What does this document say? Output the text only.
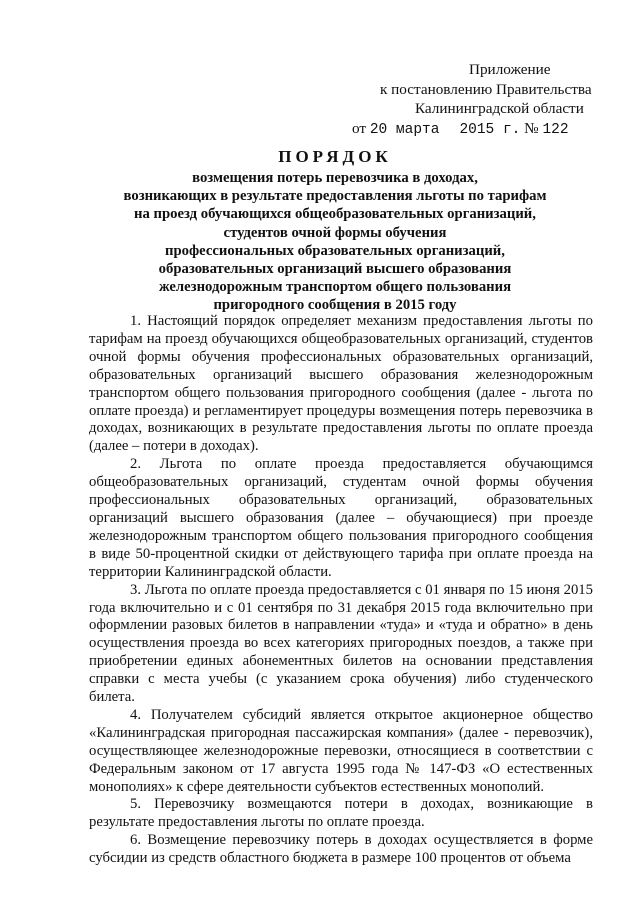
Приложение
к постановлению Правительства
Калининградской области
от 20 марта 2015 г. № 122
ПОРЯДОК
возмещения потерь перевозчика в доходах,
возникающих в результате предоставления льготы по тарифам
на проезд обучающихся общеобразовательных организаций,
студентов очной формы обучения
профессиональных образовательных организаций,
образовательных организаций высшего образования
железнодорожным транспортом общего пользования
пригородного сообщения в 2015 году

1. Настоящий порядок определяет механизм предоставления льготы по тарифам на проезд обучающихся общеобразовательных организаций, студентов очной формы обучения профессиональных образовательных организаций, образовательных организаций высшего образования железнодорожным транспортом общего пользования пригородного сообщения (далее - льгота по оплате проезда) и регламентирует процедуры возмещения потерь перевозчика в доходах, возникающих в результате предоставления льготы по оплате проезда (далее – потери в доходах).

2. Льгота по оплате проезда предоставляется обучающимся общеобразовательных организаций, студентам очной формы обучения профессиональных образовательных организаций, образовательных организаций высшего образования (далее – обучающиеся) при проезде железнодорожным транспортом общего пользования пригородного сообщения в виде 50-процентной скидки от действующего тарифа при оплате проезда на территории Калининградской области.

3. Льгота по оплате проезда предоставляется с 01 января по 15 июня 2015 года включительно и с 01 сентября по 31 декабря 2015 года включительно при оформлении разовых билетов в направлении «туда» и «туда и обратно» в день осуществления проезда во всех категориях пригородных поездов, а также при приобретении единых абонементных билетов на основании представления справки с места учебы (с указанием срока обучения) либо студенческого билета.

4. Получателем субсидий является открытое акционерное общество «Калининградская пригородная пассажирская компания» (далее - перевозчик), осуществляющее железнодорожные перевозки, относящиеся в соответствии с Федеральным законом от 17 августа 1995 года № 147-ФЗ «О естественных монополиях» к сфере деятельности субъектов естественных монополий.

5. Перевозчику возмещаются потери в доходах, возникающие в результате предоставления льготы по оплате проезда.

6. Возмещение перевозчику потерь в доходах осуществляется в форме субсидии из средств областного бюджета в размере 100 процентов от объема
